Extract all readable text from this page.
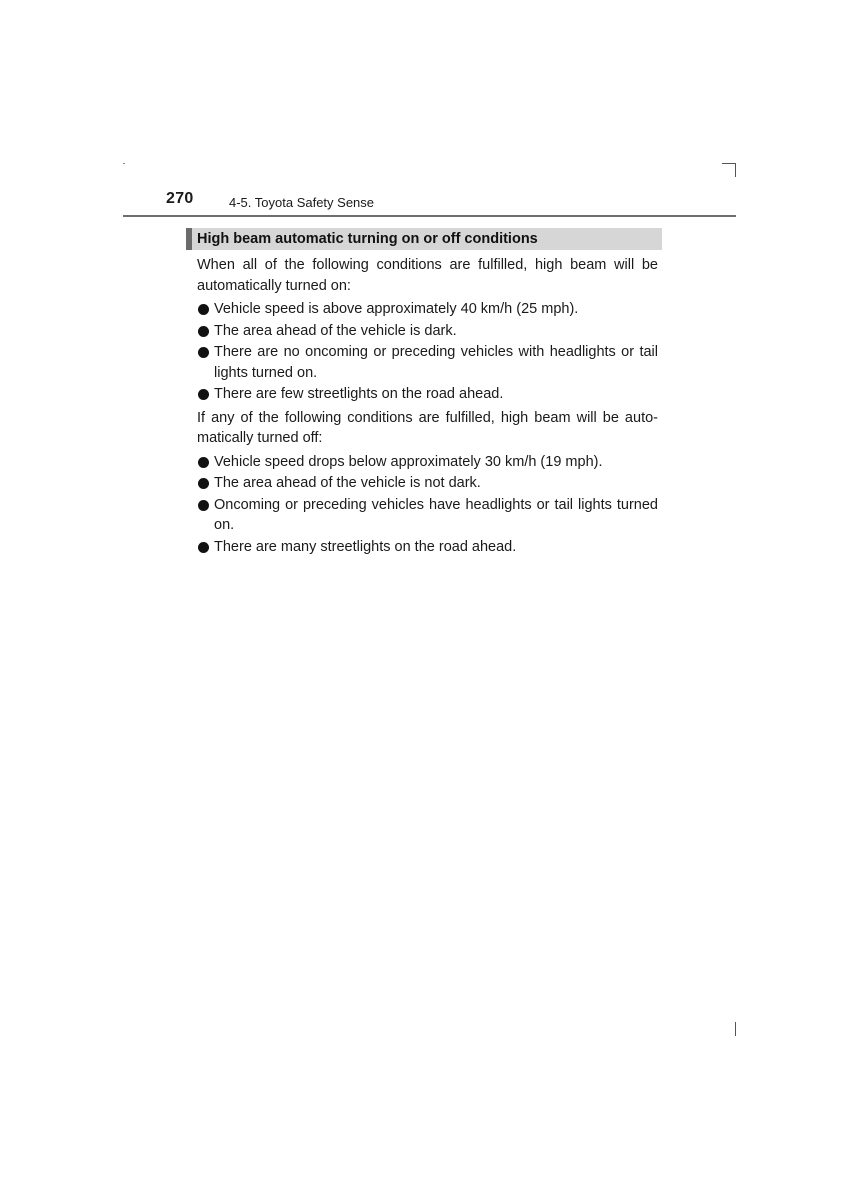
270	4-5. Toyota Safety Sense
High beam automatic turning on or off conditions

When all of the following conditions are fulfilled, high beam will be automatically turned on:

Vehicle speed is above approximately 40 km/h (25 mph).
The area ahead of the vehicle is dark.
There are no oncoming or preceding vehicles with headlights or tail lights turned on.
There are few streetlights on the road ahead.

If any of the following conditions are fulfilled, high beam will be auto- matically turned off:

Vehicle speed drops below approximately 30 km/h (19 mph).
The area ahead of the vehicle is not dark.
Oncoming or preceding vehicles have headlights or tail lights turned on.
There are many streetlights on the road ahead.
